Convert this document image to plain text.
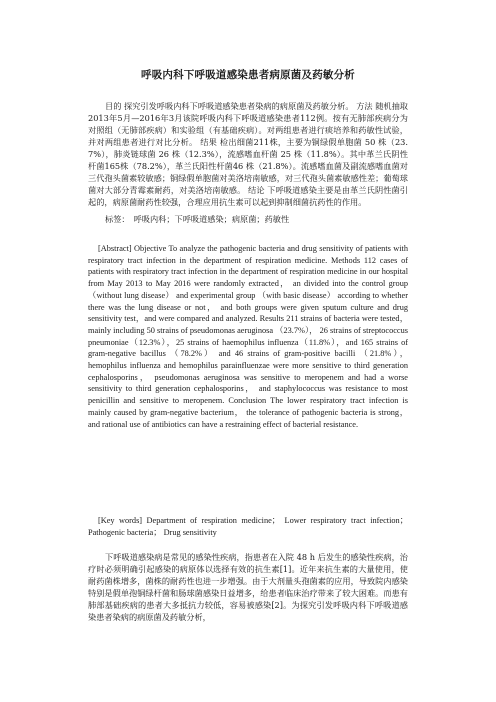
呼吸内科下呼吸道感染患者病原菌及药敏分析
目的 探究引发呼吸内科下呼吸道感染患者染病的病原菌及药敏分析。 方法 随机抽取2013年5月—2016年3月该院呼吸内科下呼吸道感染患者112例。按有无肺部疾病分为对照组（无肺部疾病）和实验组（有基础疾病）。对两组患者进行痰培养和药敏性试验，并对两组患者进行对比分析。 结果 检出细菌211株，主要为铜绿假单胞菌 50 株（23.7%），肺炎链球菌 26 株（12.3%），流感嗜血杆菌 25 株（11.8%）。其中革兰氏阴性杆菌165株（78.2%），革兰氏阳性杆菌46 株（21.8%）。流感嗜血菌及副流感嗜血菌对三代孢头菌素较敏感；铜绿假单胞菌对美洛培南敏感，对三代孢头菌素敏感性差；葡萄球菌对大部分青霉素耐药，对美洛培南敏感。 结论 下呼吸道感染主要是由革兰氏阴性菌引起的，病原菌耐药性较强，合理应用抗生素可以起到抑制细菌抗药性的作用。
标签： 呼吸内科；下呼吸道感染；病原菌；药敏性
[Abstract] Objective To analyze the pathogenic bacteria and drug sensitivity of patients with respiratory tract infection in the department of respiration medicine. Methods 112 cases of patients with respiratory tract infection in the department of respiration medicine in our hospital from May 2013 to May 2016 were randomly extracted， an divided into the control group （without lung disease） and experimental group （with basic disease） according to whether there was the lung disease or not， and both groups were given sputum culture and drug sensitivity test，and were compared and analyzed. Results 211 strains of bacteria were tested，mainly including 50 strains of pseudomonas aeruginosa （23.7%）， 26 strains of streptococcus pneumoniae（12.3%），25 strains of haemophilus influenza（11.8%），and 165 strains of gram-negative bacillus （78.2%） and 46 strains of gram-positive bacilli （21.8%）， hemophilus influenza and hemophilus parainfluenzae were more sensitive to third generation cephalosporins， pseudomonas aeruginosa was sensitive to meropenem and had a worse sensitivity to third generation cephalosporins， and staphylococcus was resistance to most penicillin and sensitive to meropenem. Conclusion The lower respiratory tract infection is mainly caused by gram-negative bacterium， the tolerance of pathogenic bacteria is strong， and rational use of antibiotics can have a restraining effect of bacterial resistance.
[Key words] Department of respiration medicine； Lower respiratory tract infection； Pathogenic bacteria； Drug sensitivity
下呼吸道感染病是常见的感染性疾病，指患者在入院 48 h 后发生的感染性疾病，治疗时必须明确引起感染的病原体以选择有效的抗生素[1]。近年来抗生素的大量使用，使耐药菌株增多，菌株的耐药性也进一步增强。由于大剂量头孢菌素的应用，导致院内感染特别是假单孢铜绿杆菌和肠球菌感染日益增多，给患者临床治疗带来了较大困难。而患有肺部基础疾病的患者大多抵抗力较低，容易被感染[2]。为探究引发呼吸内科下呼吸道感染患者染病的病原菌及药敏分析，
